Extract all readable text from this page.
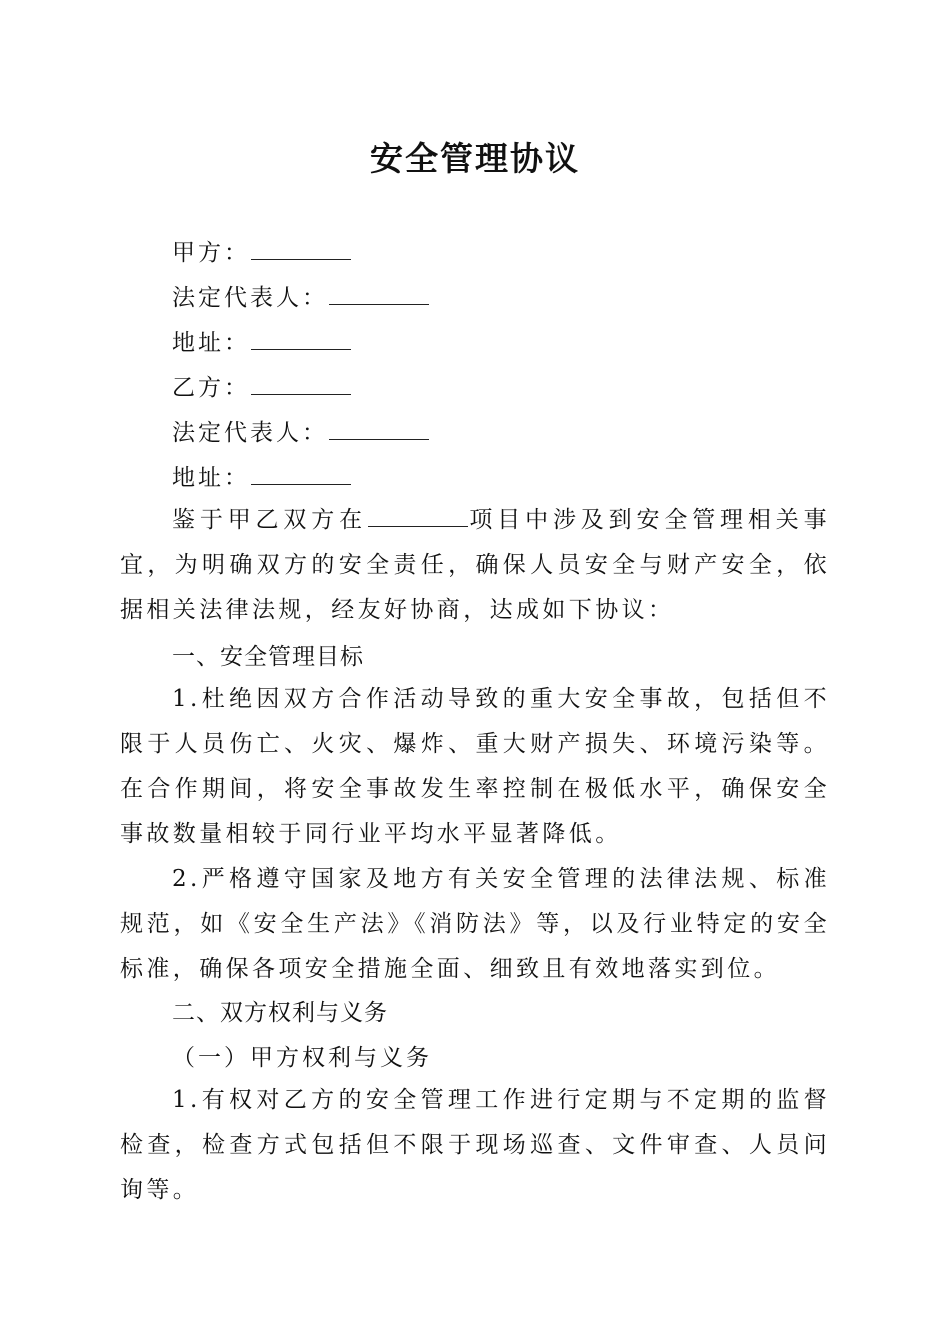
安全管理协议
甲方：
法定代表人：
地址：
乙方：
法定代表人：
地址：

鉴于甲乙双方在	项目中涉及到安全管理相关事宜，为明确双方的安全责任，确保人员安全与财产安全，依据相关法律法规，经友好协商，达成如下协议：

一、安全管理目标

1.杜绝因双方合作活动导致的重大安全事故，包括但不限于人员伤亡、火灾、爆炸、重大财产损失、环境污染等。在合作期间，将安全事故发生率控制在极低水平，确保安全事故数量相较于同行业平均水平显著降低。

2.严格遵守国家及地方有关安全管理的法律法规、标准规范，如《安全生产法》《消防法》等，以及行业特定的安全标准，确保各项安全措施全面、细致且有效地落实到位。

二、双方权利与义务
（一）甲方权利与义务

1.有权对乙方的安全管理工作进行定期与不定期的监督检查，检查方式包括但不限于现场巡查、文件审查、人员问询等。
